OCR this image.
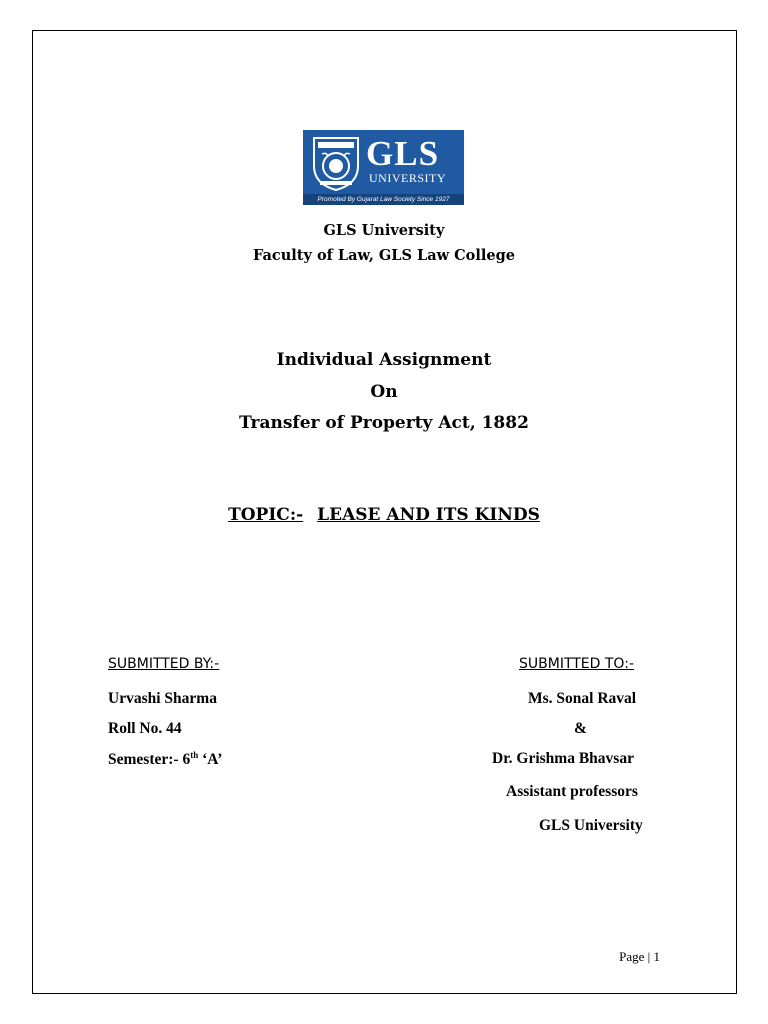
GLS
UNIVERSITY
Promoted By Gujarat Law Society Since 1927
GLS University
Faculty of Law, GLS Law College
Individual Assignment
On
Transfer of Property Act, 1882
TOPIC:- LEASE AND ITS KINDS
SUBMITTED BY:-
Urvashi Sharma
Roll No. 44
Semester:- 6th ‘A’
SUBMITTED TO:-
Ms. Sonal Raval
&
Dr. Grishma Bhavsar
Assistant professors
GLS University
Page | 1
